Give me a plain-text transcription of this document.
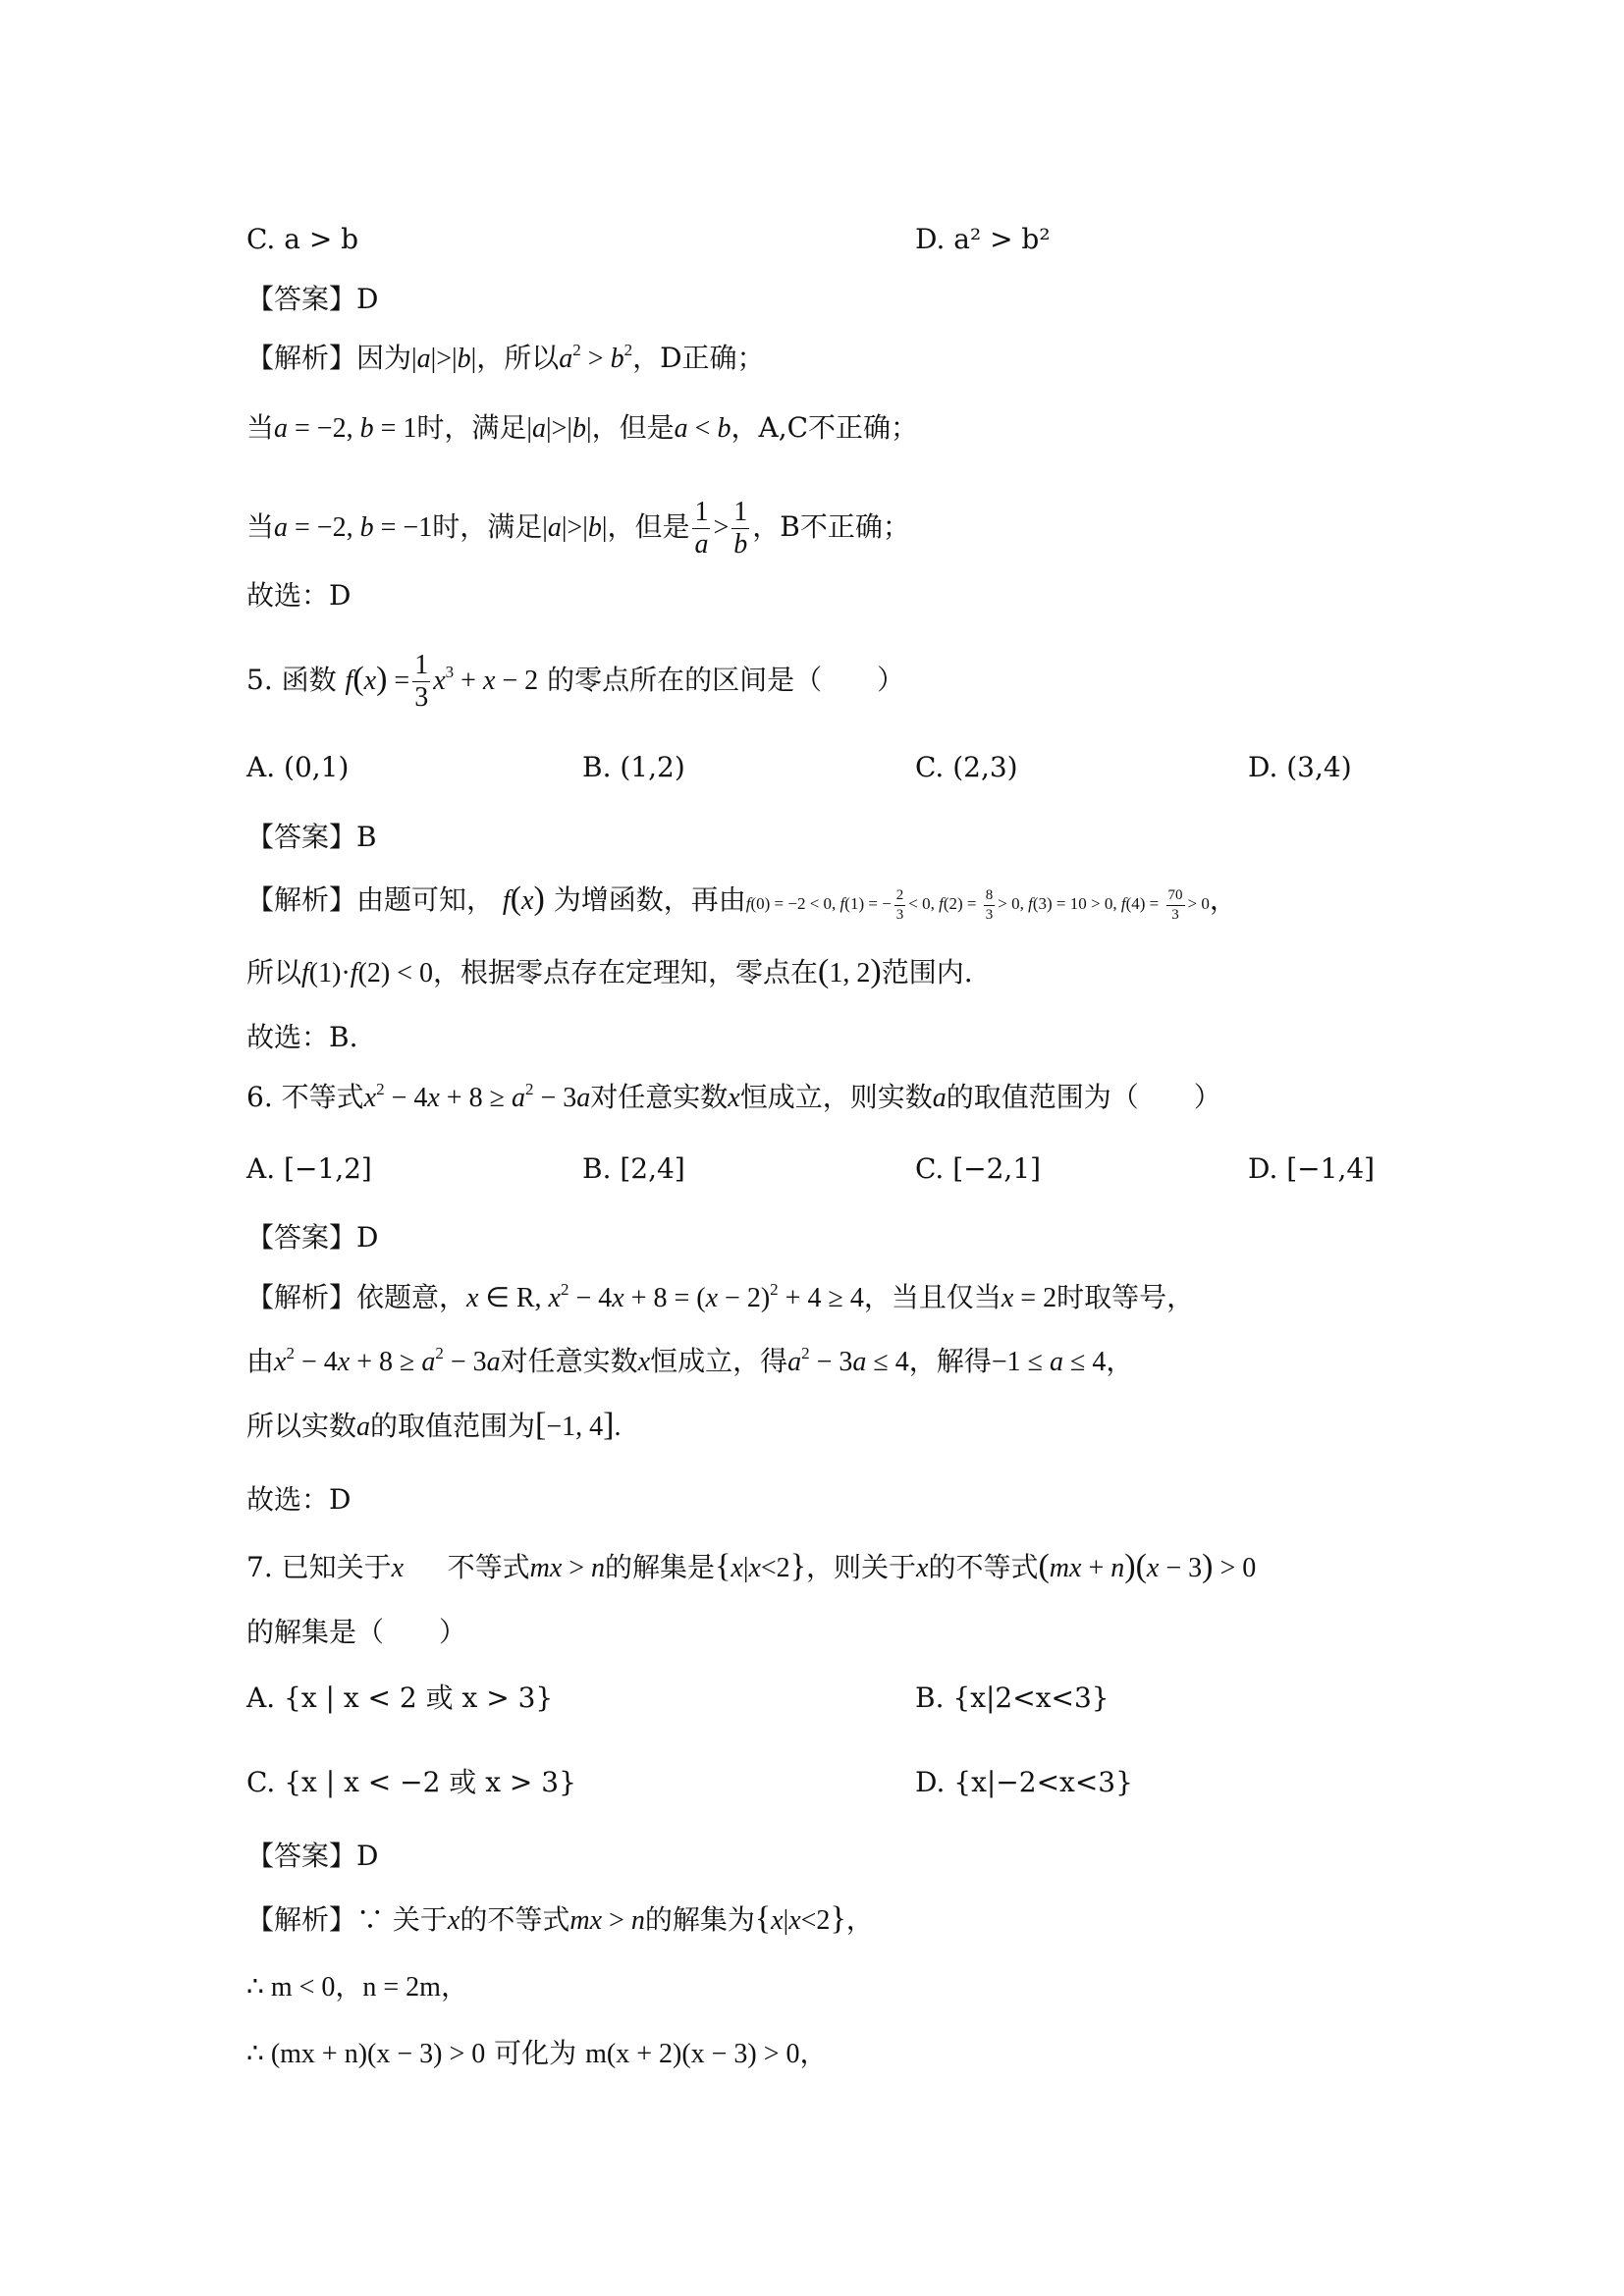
C. a > b	D. a² > b²
【答案】D
【解析】因为|a|>|b|，所以$a^2 > b^2$，D正确；
当a = −2, b = 1时，满足|a|>|b|，但是a < b，A,C不正确；
当a = −2, b = −1时，满足|a|>|b|，但是 $\frac{1}{a} > \frac{1}{b}$ ，B不正确；
故选：D
5. 函数 $f(x) = \frac{1}{3} x^3 + x - 2$ 的零点所在的区间是（　　）
A. (0,1)	B. (1,2)	C. (2,3)	D. (3,4)
【答案】B
【解析】由题可知， f(x) 为增函数，再由f(0) = −2 < 0, f(1) = − $\frac{2}{3} < 0$, $f(2) = \frac{8}{3} > 0$, f(3) = 10 > 0, $f(4) = \frac{70}{3} > 0$，
所以f(1)·f(2) < 0，根据零点存在定理知，零点在(1, 2)范围内.
故选：B.
6. 不等式$x^2 - 4x + 8 \ge a^2 - 3a$对任意实数x恒成立，则实数a的取值范围为（　　）
A. [−1,2]	B. [2,4]	C. [−2,1]	D. [−1,4]
【答案】D
【解析】依题意，x ∈ R, $x^2 - 4x + 8 = (x - 2)^2 + 4 \ge 4$，当且仅当x = 2时取等号，
由$x^2 - 4x + 8 \ge a^2 - 3a$对任意实数x恒成立，得$a^2 - 3a \le 4$，解得−1 ≤ a ≤ 4，
所以实数a的取值范围为[−1, 4].
故选：D
7. 已知关于x 不等式mx > n的解集是{x|x<2}，则关于x的不等式(mx + n)(x − 3) > 0
的解集是（　　）
A. {x | x < 2 或 x > 3}	B. {x|2<x<3}
C. {x | x < −2 或 x > 3}	D. {x|−2<x<3}
【答案】D
【解析】∵ 关于x的不等式mx > n的解集为{x|x<2}，
∴ m < 0，n = 2m，
∴ (mx + n)(x − 3) > 0 可化为 m(x + 2)(x − 3) > 0，
